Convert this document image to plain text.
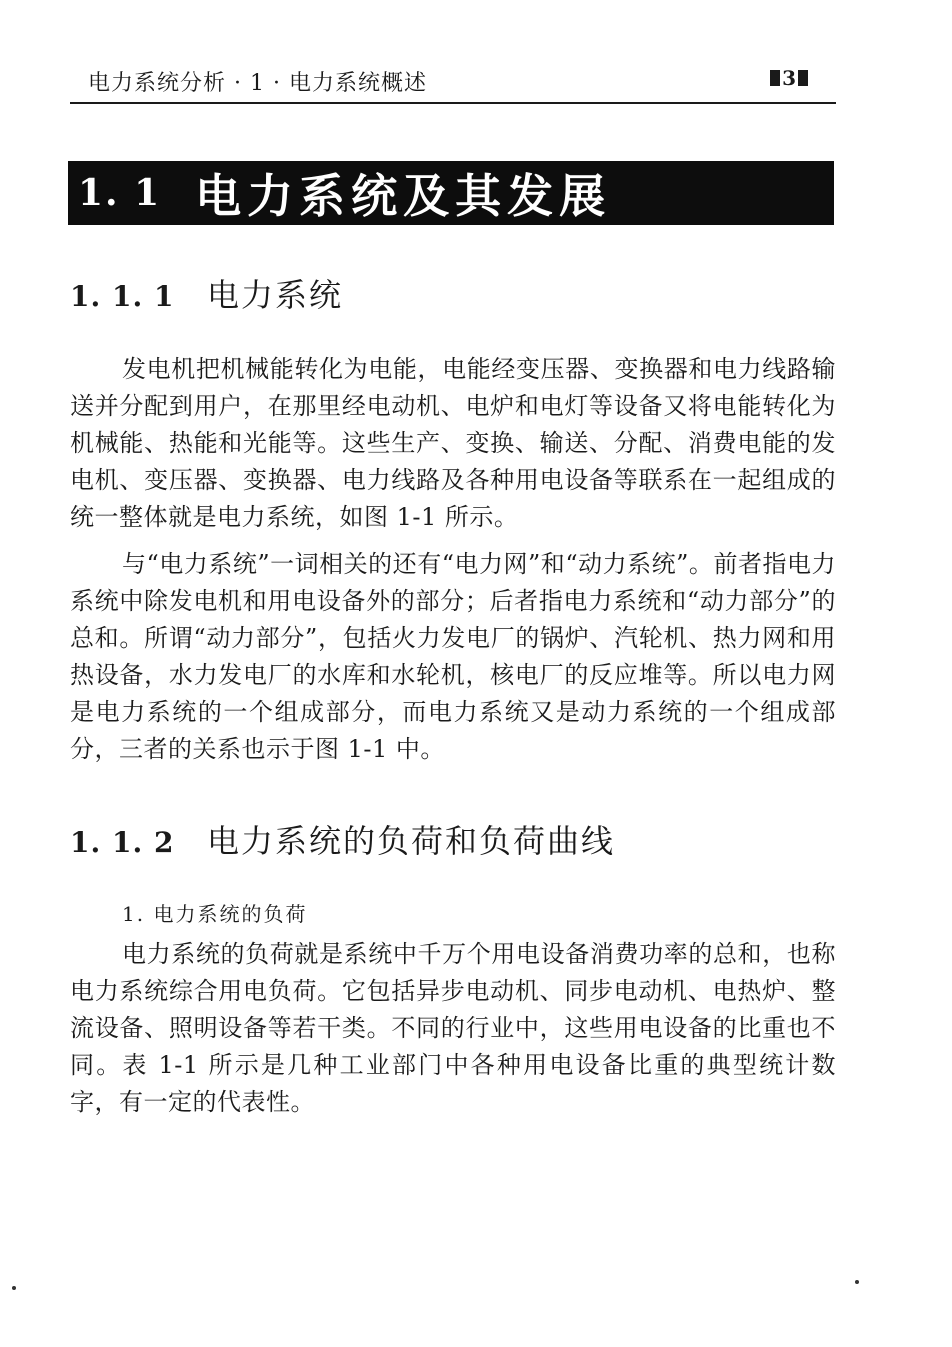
电力系统分析 · 1 · 电力系统概述	3
1. 1 电力系统及其发展
1. 1. 1	电力系统

发电机把机械能转化为电能，电能经变压器、变换器和电力线路输送并分配到用户，在那里经电动机、电炉和电灯等设备又将电能转化为机械能、热能和光能等。这些生产、变换、输送、分配、消费电能的发电机、变压器、变换器、电力线路及各种用电设备等联系在一起组成的统一整体就是电力系统，如图 1-1 所示。

与“电力系统”一词相关的还有“电力网”和“动力系统”。前者指电力系统中除发电机和用电设备外的部分；后者指电力系统和“动力部分”的总和。所谓“动力部分”，包括火力发电厂的锅炉、汽轮机、热力网和用热设备，水力发电厂的水库和水轮机，核电厂的反应堆等。所以电力网是电力系统的一个组成部分，而电力系统又是动力系统的一个组成部分，三者的关系也示于图 1-1 中。

1. 1. 2	电力系统的负荷和负荷曲线
1. 电力系统的负荷

电力系统的负荷就是系统中千万个用电设备消费功率的总和，也称电力系统综合用电负荷。它包括异步电动机、同步电动机、电热炉、整流设备、照明设备等若干类。不同的行业中，这些用电设备的比重也不同。表 1-1 所示是几种工业部门中各种用电设备比重的典型统计数字，有一定的代表性。
